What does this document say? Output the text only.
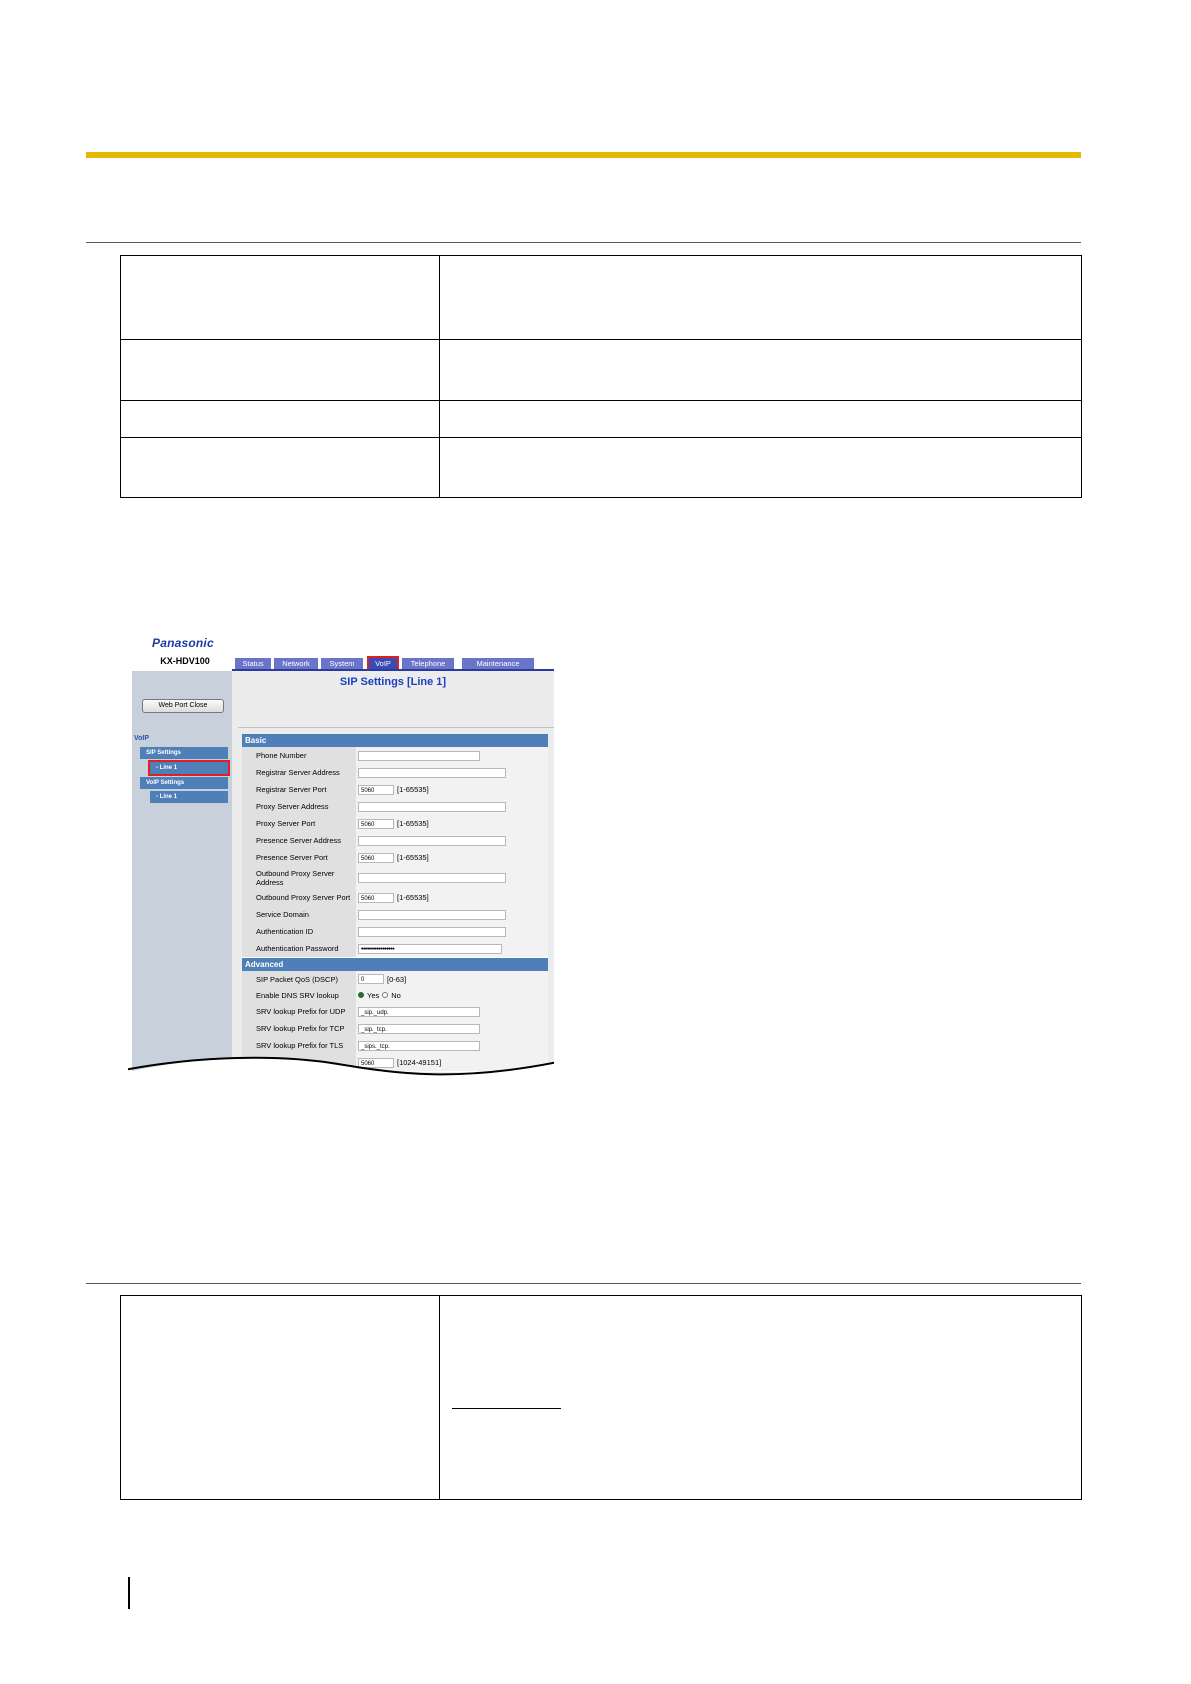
Panasonic
KX-HDV100	Status	Network	System	VoIP	Telephone	Maintenance
Web Port Close
VoIP
SIP Settings
- Line 1
VoIP Settings
- Line 1
SIP Settings [Line 1]
Basic
Phone Number
Registrar Server Address
Registrar Server Port	5060	[1-65535]
Proxy Server Address
Proxy Server Port	5060	[1-65535]
Presence Server Address
Presence Server Port	5060	[1-65535]
Outbound Proxy Server Address
Outbound Proxy Server Port	5060	[1-65535]
Service Domain
Authentication ID
Authentication Password	•••••••••••••••••
Advanced
SIP Packet QoS (DSCP)	0	[0-63]
Enable DNS SRV lookup	Yes No
SRV lookup Prefix for UDP	_sip._udp.
SRV lookup Prefix for TCP	_sip._tcp.
SRV lookup Prefix for TLS	_sips._tcp.
5060	[1024-49151]
